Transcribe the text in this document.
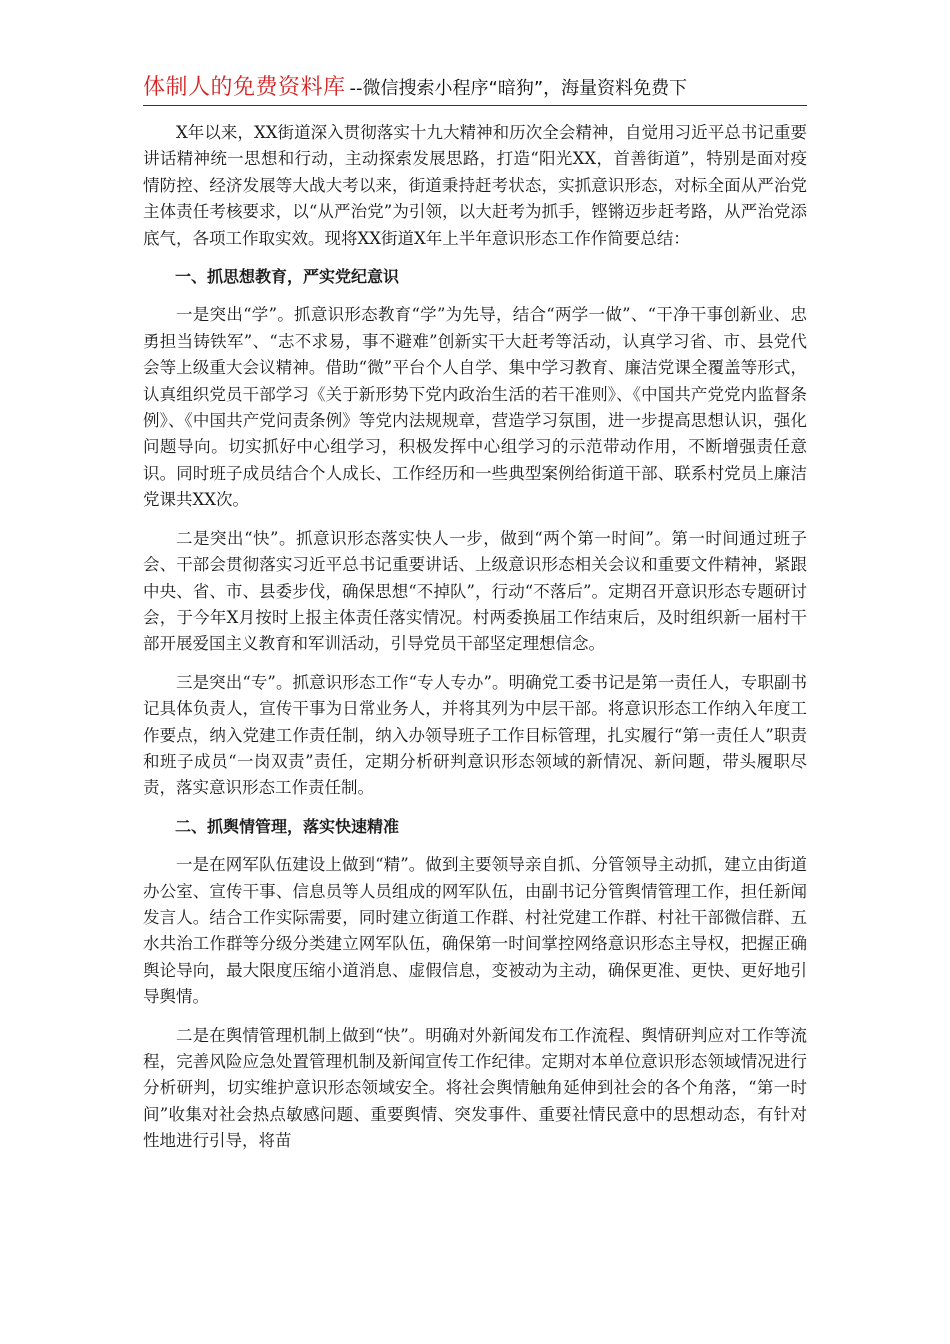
体制人的免费资料库 --微信搜索小程序“暗狗”，海量资料免费下

X年以来，XX街道深入贯彻落实十九大精神和历次全会精神，自觉用习近平总书记重要讲话精神统一思想和行动，主动探索发展思路，打造“阳光XX，首善街道”，特别是面对疫情防控、经济发展等大战大考以来，街道秉持赶考状态，实抓意识形态，对标全面从严治党主体责任考核要求，以“从严治党”为引领，以大赶考为抓手，铿锵迈步赶考路，从严治党添底气，各项工作取实效。现将XX街道X年上半年意识形态工作作简要总结：

一、抓思想教育，严实党纪意识

一是突出“学”。抓意识形态教育“学”为先导，结合“两学一做”、“干净干事创新业、忠勇担当铸铁军”、“志不求易，事不避难”创新实干大赶考等活动，认真学习省、市、县党代会等上级重大会议精神。借助“微”平台个人自学、集中学习教育、廉洁党课全覆盖等形式，认真组织党员干部学习《关于新形势下党内政治生活的若干准则》、《中国共产党党内监督条例》、《中国共产党问责条例》等党内法规规章，营造学习氛围，进一步提高思想认识，强化问题导向。切实抓好中心组学习，积极发挥中心组学习的示范带动作用，不断增强责任意识。同时班子成员结合个人成长、工作经历和一些典型案例给街道干部、联系村党员上廉洁党课共XX次。

二是突出“快”。抓意识形态落实快人一步，做到“两个第一时间”。第一时间通过班子会、干部会贯彻落实习近平总书记重要讲话、上级意识形态相关会议和重要文件精神，紧跟中央、省、市、县委步伐，确保思想“不掉队”，行动“不落后”。定期召开意识形态专题研讨会，于今年X月按时上报主体责任落实情况。村两委换届工作结束后，及时组织新一届村干部开展爱国主义教育和军训活动，引导党员干部坚定理想信念。

三是突出“专”。抓意识形态工作“专人专办”。明确党工委书记是第一责任人，专职副书记具体负责人，宣传干事为日常业务人，并将其列为中层干部。将意识形态工作纳入年度工作要点，纳入党建工作责任制，纳入办领导班子工作目标管理，扎实履行“第一责任人”职责和班子成员“一岗双责”责任，定期分析研判意识形态领域的新情况、新问题，带头履职尽责，落实意识形态工作责任制。

二、抓舆情管理，落实快速精准

一是在网军队伍建设上做到“精”。做到主要领导亲自抓、分管领导主动抓，建立由街道办公室、宣传干事、信息员等人员组成的网军队伍，由副书记分管舆情管理工作，担任新闻发言人。结合工作实际需要，同时建立街道工作群、村社党建工作群、村社干部微信群、五水共治工作群等分级分类建立网军队伍，确保第一时间掌控网络意识形态主导权，把握正确舆论导向，最大限度压缩小道消息、虚假信息，变被动为主动，确保更准、更快、更好地引导舆情。

二是在舆情管理机制上做到“快”。明确对外新闻发布工作流程、舆情研判应对工作等流程，完善风险应急处置管理机制及新闻宣传工作纪律。定期对本单位意识形态领域情况进行分析研判，切实维护意识形态领域安全。将社会舆情触角延伸到社会的各个角落，“第一时间”收集对社会热点敏感问题、重要舆情、突发事件、重要社情民意中的思想动态，有针对性地进行引导，将苗
